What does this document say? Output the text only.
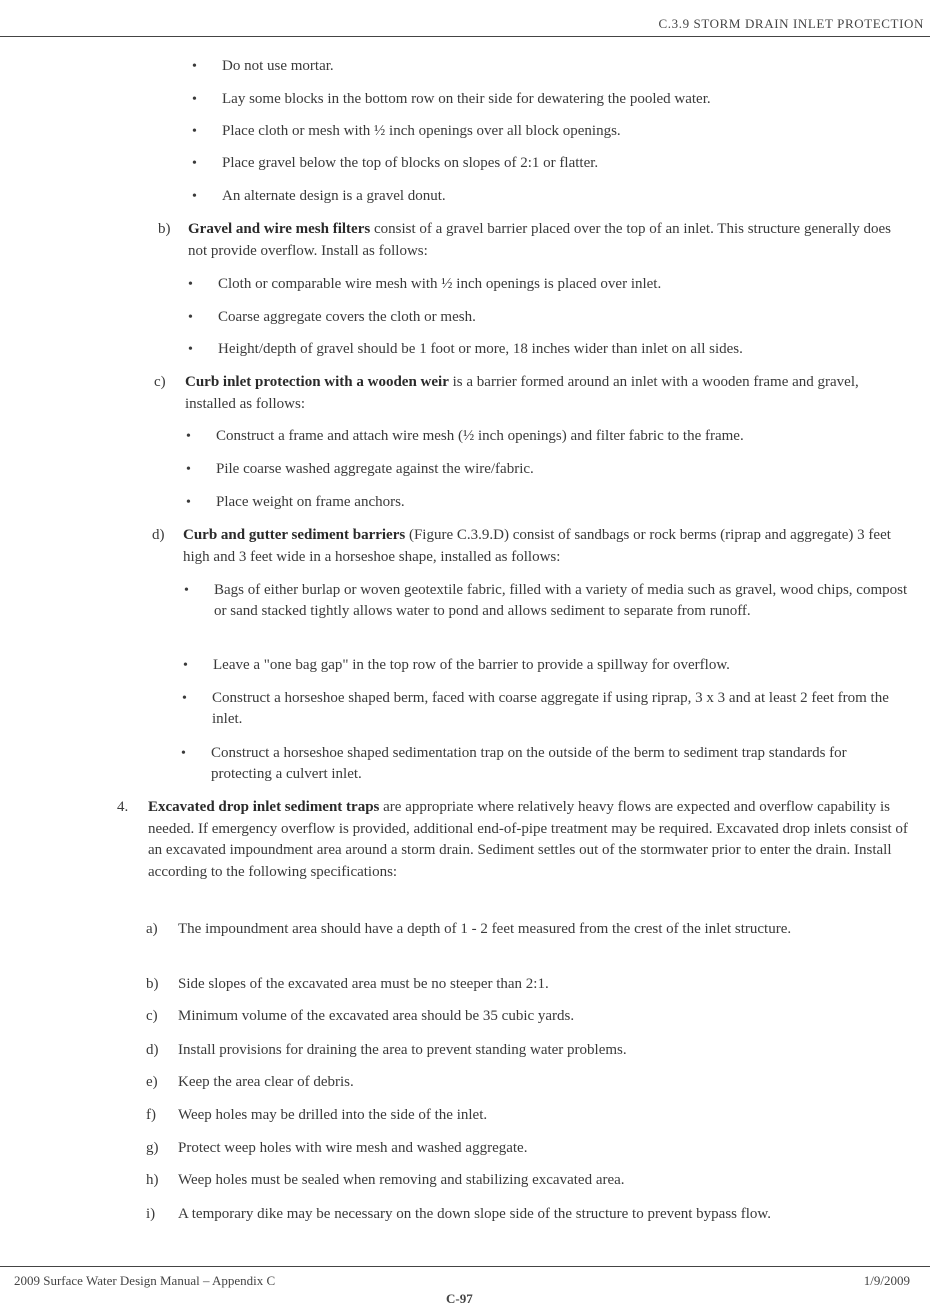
C.3.9 STORM DRAIN INLET PROTECTION
• Do not use mortar.
• Lay some blocks in the bottom row on their side for dewatering the pooled water.
• Place cloth or mesh with ½ inch openings over all block openings.
• Place gravel below the top of blocks on slopes of 2:1 or flatter.
• An alternate design is a gravel donut.
b) Gravel and wire mesh filters consist of a gravel barrier placed over the top of an inlet. This structure generally does not provide overflow. Install as follows:
• Cloth or comparable wire mesh with ½ inch openings is placed over inlet.
• Coarse aggregate covers the cloth or mesh.
• Height/depth of gravel should be 1 foot or more, 18 inches wider than inlet on all sides.
c) Curb inlet protection with a wooden weir is a barrier formed around an inlet with a wooden frame and gravel, installed as follows:
• Construct a frame and attach wire mesh (½ inch openings) and filter fabric to the frame.
• Pile coarse washed aggregate against the wire/fabric.
• Place weight on frame anchors.
d) Curb and gutter sediment barriers (Figure C.3.9.D) consist of sandbags or rock berms (riprap and aggregate) 3 feet high and 3 feet wide in a horseshoe shape, installed as follows:
• Bags of either burlap or woven geotextile fabric, filled with a variety of media such as gravel, wood chips, compost or sand stacked tightly allows water to pond and allows sediment to separate from runoff.
• Leave a "one bag gap" in the top row of the barrier to provide a spillway for overflow.
• Construct a horseshoe shaped berm, faced with coarse aggregate if using riprap, 3 x 3 and at least 2 feet from the inlet.
• Construct a horseshoe shaped sedimentation trap on the outside of the berm to sediment trap standards for protecting a culvert inlet.
4. Excavated drop inlet sediment traps are appropriate where relatively heavy flows are expected and overflow capability is needed. If emergency overflow is provided, additional end-of-pipe treatment may be required. Excavated drop inlets consist of an excavated impoundment area around a storm drain. Sediment settles out of the stormwater prior to enter the drain. Install according to the following specifications:
a) The impoundment area should have a depth of 1 - 2 feet measured from the crest of the inlet structure.
b) Side slopes of the excavated area must be no steeper than 2:1.
c) Minimum volume of the excavated area should be 35 cubic yards.
d) Install provisions for draining the area to prevent standing water problems.
e) Keep the area clear of debris.
f) Weep holes may be drilled into the side of the inlet.
g) Protect weep holes with wire mesh and washed aggregate.
h) Weep holes must be sealed when removing and stabilizing excavated area.
i) A temporary dike may be necessary on the down slope side of the structure to prevent bypass flow.
2009 Surface Water Design Manual – Appendix C	1/9/2009
C-97
